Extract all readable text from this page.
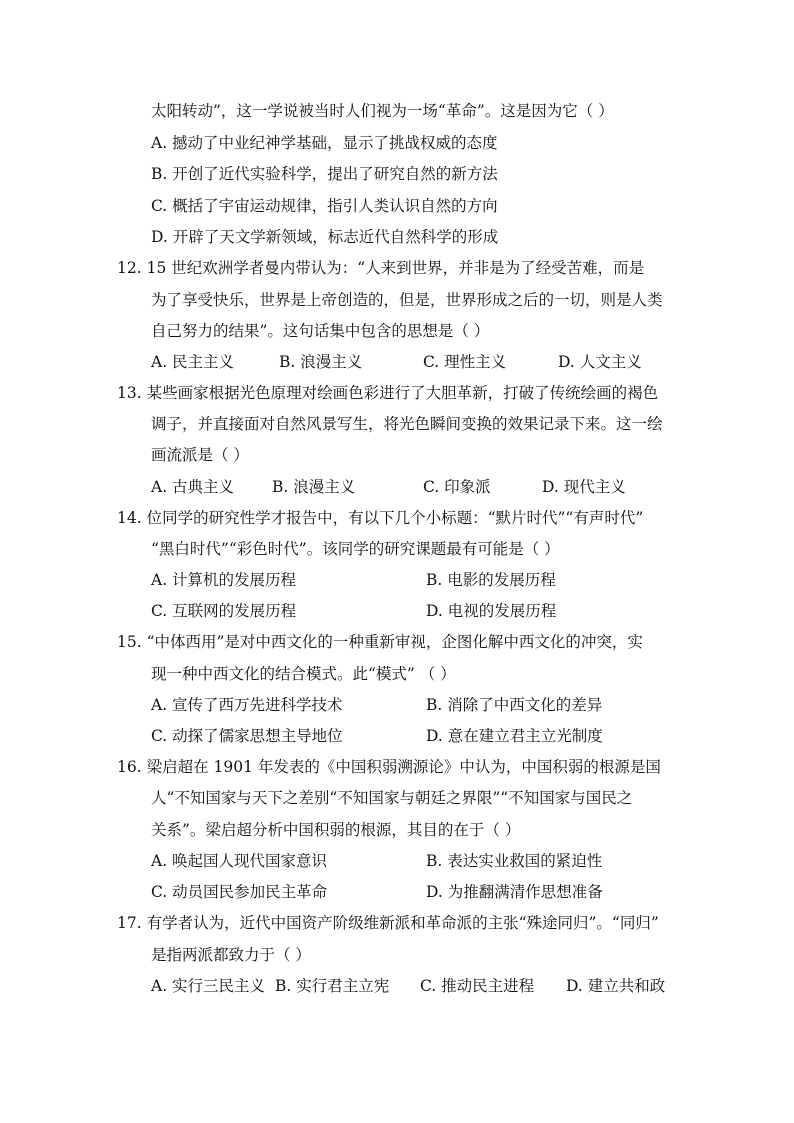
太阳转动”，这一学说被当时人们视为一场“革命”。这是因为它（ ）
A. 撼动了中业纪神学基础，显示了挑战权威的态度
B. 开创了近代实验科学，提出了研究自然的新方法
C. 概括了宇宙运动规律，指引人类认识自然的方向
D. 开辟了天文学新领域，标志近代自然科学的形成
12. 15 世纪欢洲学者曼内带认为：“人来到世界，并非是为了经受苦难，而是
为了享受快乐，世界是上帝创造的，但是，世界形成之后的一切，则是人类
自己努力的结果”。这句话集中包含的思想是（ ）
A. 民主主义	B. 浪漫主义	C. 理性主义	D. 人文主义
13. 某些画家根据光色原理对绘画色彩进行了大胆革新，打破了传统绘画的褐色
调子，并直接面对自然风景写生，将光色瞬间变换的效果记录下来。这一绘
画流派是（ ）
A. 古典主义 B. 浪漫主义	C. 印象派	D. 现代主义
14. 位同学的研究性学才报告中，有以下几个小标题：“默片时代”“有声时代”
“黑白时代”“彩色时代”。该同学的研究课题最有可能是（ ）
A. 计算机的发展历程	B. 电影的发展历程
C. 互联网的发展历程	D. 电视的发展历程
15. “中体西用”是对中西文化的一种重新审视，企图化解中西文化的冲突，实
现一种中西文化的结合模式。此“模式” （ ）
A. 宣传了西万先进科学技术	B. 消除了中西文化的差异
C. 动探了儒家思想主导地位	D. 意在建立君主立光制度
16. 梁启超在 1901 年发表的《中国积弱溯源论》中认为，中国积弱的根源是国
人“不知国家与天下之差别“不知国家与朝廷之界限”“不知国家与国民之
关系”。梁启超分析中国积弱的根源，其目的在于（ ）
A. 唤起国人现代国家意识	B. 表达实业救国的紧迫性
C. 动员国民参加民主革命	D. 为推翻满清作思想准备
17. 有学者认为，近代中国资产阶级维新派和革命派的主张“殊途同归”。“同归”
是指两派都致力于（ ）
A. 实行三民主义 B. 实行君主立宪 C. 推动民主进程 D. 建立共和政
